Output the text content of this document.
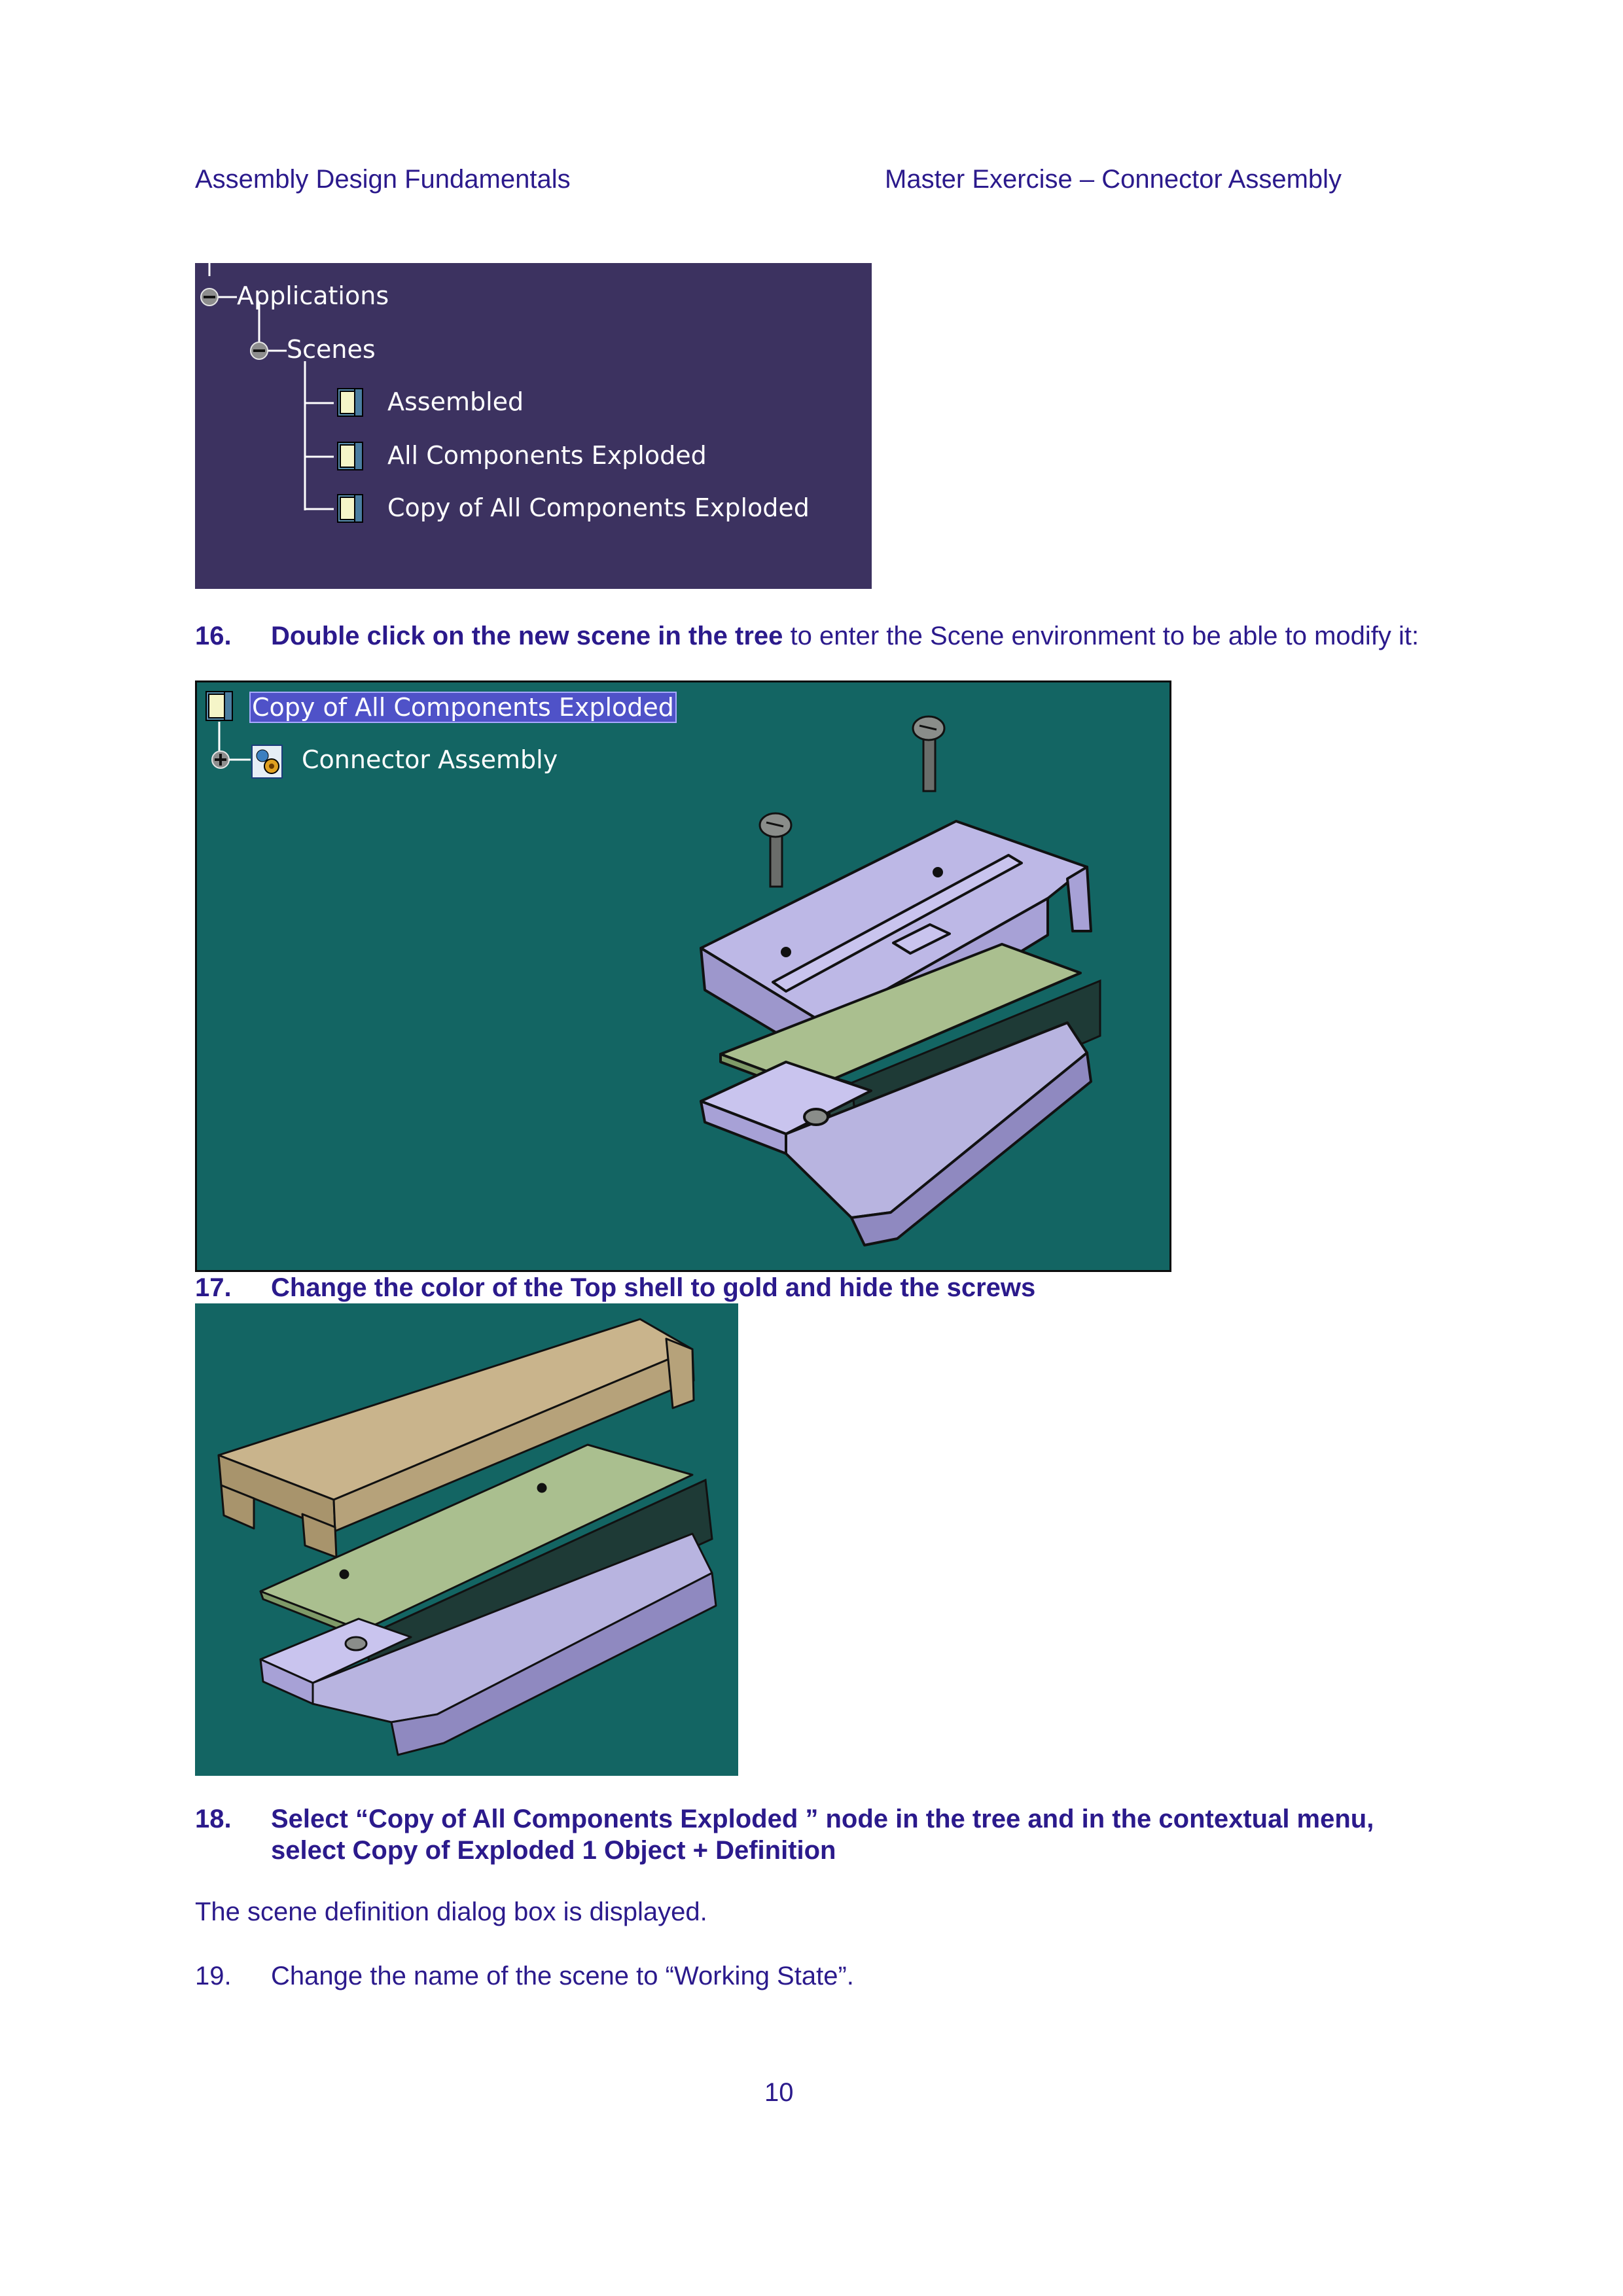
Assembly Design Fundamentals	Master Exercise – Connector Assembly
Applications
Scenes
Assembled
All Components Exploded
Copy of All Components Exploded
16.	Double click on the new scene in the tree to enter the Scene environment to be able to modify it:
Copy of All Components Exploded
Connector Assembly
17.	Change the color of the Top shell to gold and hide the screws
18.	Select “Copy of All Components Exploded ” node in the tree and in the contextual menu,
select Copy of Exploded 1 Object + Definition
The scene definition dialog box is displayed.
19.	Change the name of the scene to “Working State”.
10
